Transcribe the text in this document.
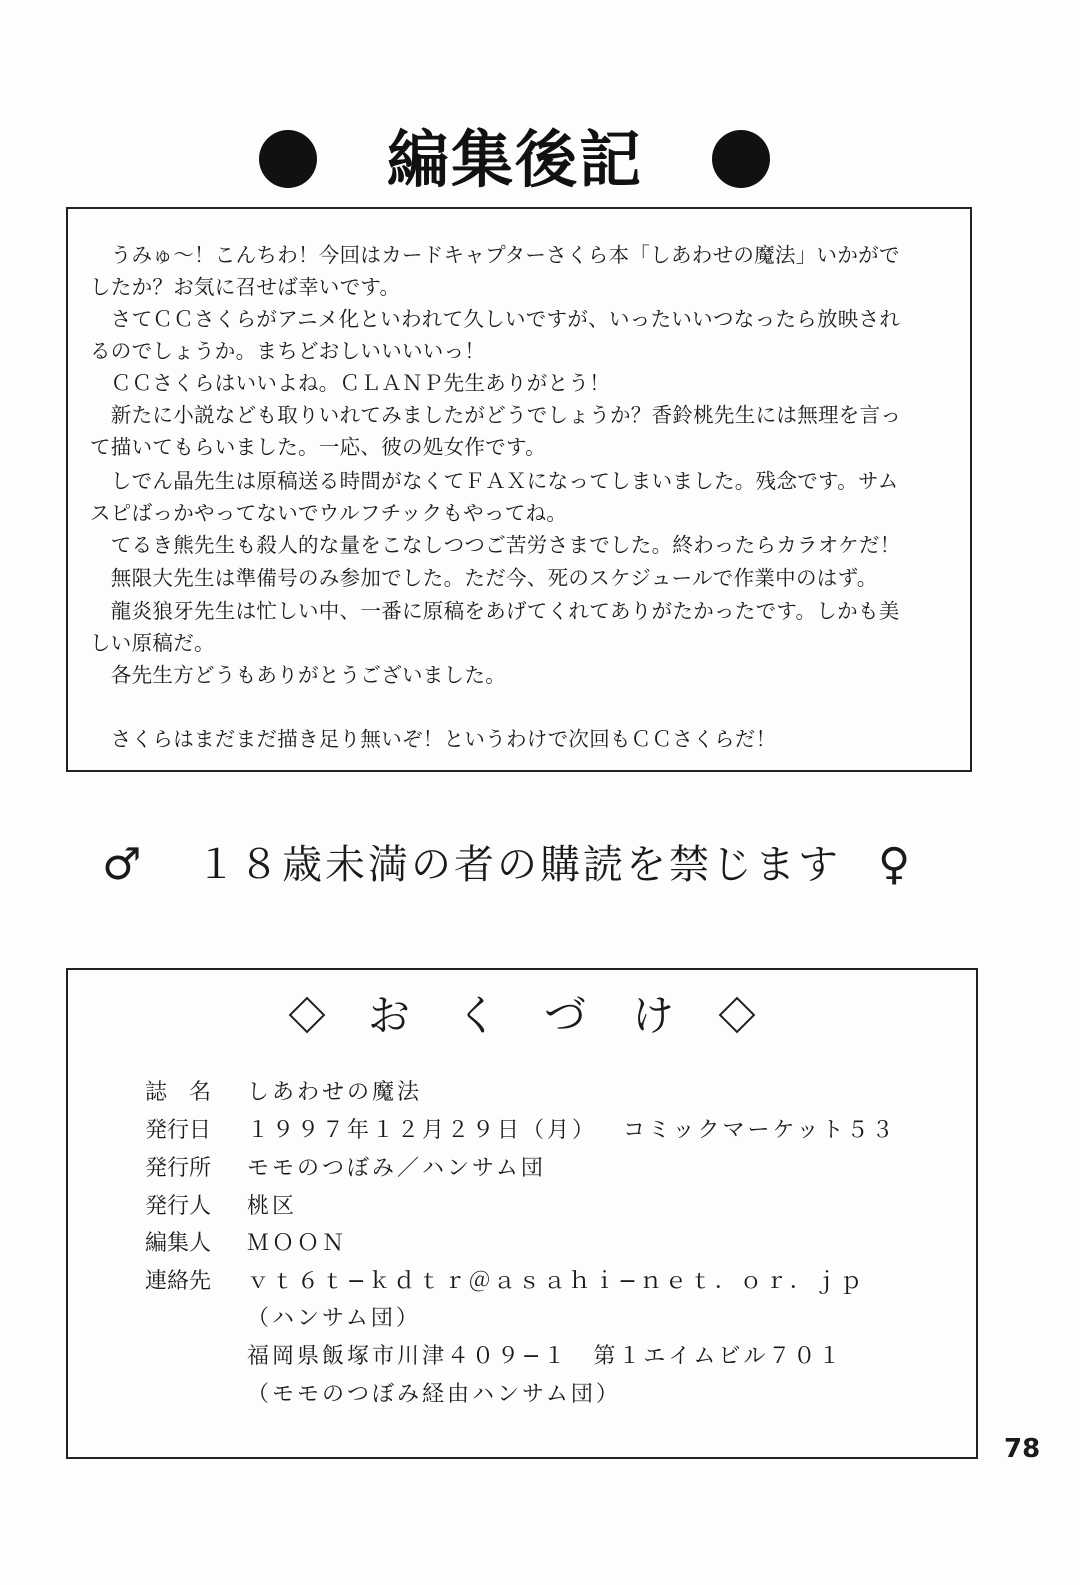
編集後記

　うみゅ〜！こんちわ！今回はカードキャプターさくら本「しあわせの魔法」いかがで

したか？お気に召せば幸いです。

　さてＣＣさくらがアニメ化といわれて久しいですが、いったいいつなったら放映され

るのでしょうか。まちどおしいいいいっ！

　ＣＣさくらはいいよね。ＣＬＡＮＰ先生ありがとう！

　新たに小説なども取りいれてみましたがどうでしょうか？香鈴桃先生には無理を言っ

て描いてもらいました。一応、彼の処女作です。

　しでん晶先生は原稿送る時間がなくてＦＡＸになってしまいました。残念です。サム

スピばっかやってないでウルフチックもやってね。

　てるき熊先生も殺人的な量をこなしつつご苦労さまでした。終わったらカラオケだ！

　無限大先生は準備号のみ参加でした。ただ今、死のスケジュールで作業中のはず。

　龍炎狼牙先生は忙しい中、一番に原稿をあげてくれてありがたかったです。しかも美

しい原稿だ。

　各先生方どうもありがとうございました。

　さくらはまだまだ描き足り無いぞ！というわけで次回もＣＣさくらだ！

♂ １８歳未満の者の購読を禁じます ♀
おくづけ
誌　名	しあわせの魔法
発行日	１９９７年１２月２９日（月） コミックマーケット５３
発行所	モモのつぼみ／ハンサム団
発行人	桃区
編集人	ＭＯＯＮ
連絡先	ｖｔ６ｔ−ｋｄｔｒ＠ａｓａｈｉ−ｎｅｔ．ｏｒ．ｊｐ
（ハンサム団）
福岡県飯塚市川津４０９−１　第１エイムビル７０１
（モモのつぼみ経由ハンサム団）
78
